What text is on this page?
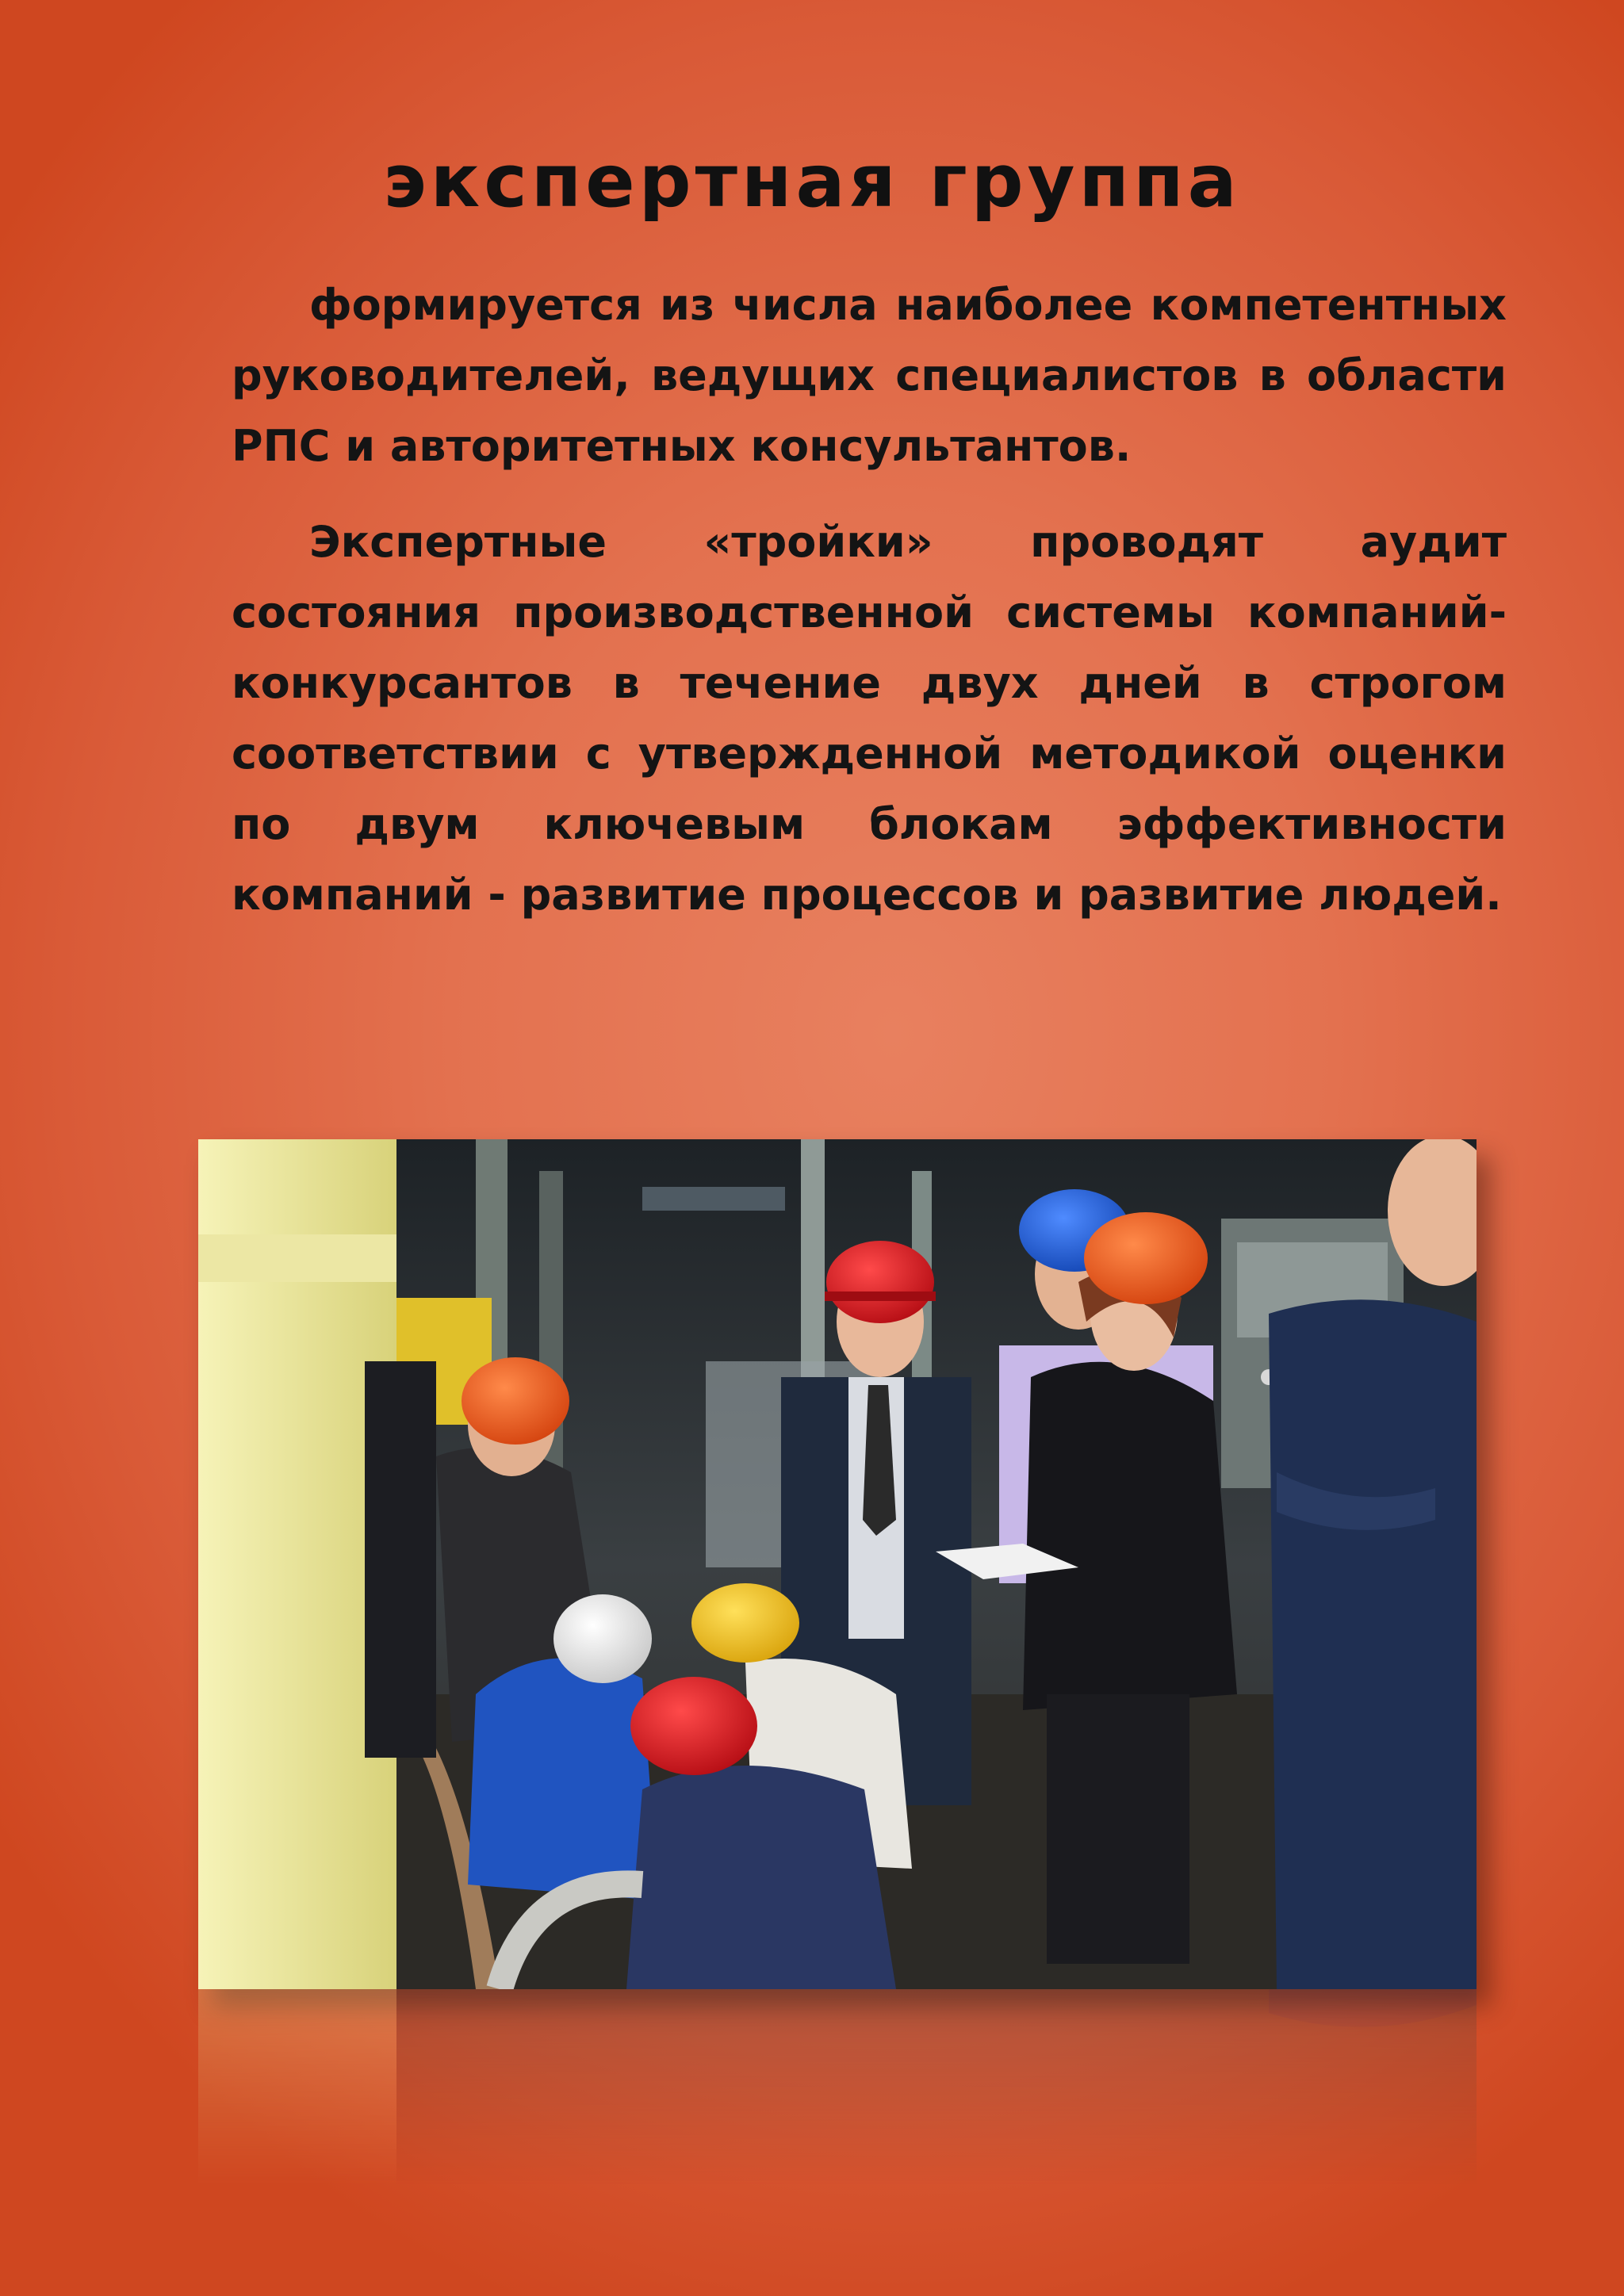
экспертная группа

формируется из числа наиболее компетентных руководителей, ведущих специалистов в области РПС и авторитетных консультантов.

Экспертные «тройки» проводят аудит состояния производственной системы компаний-конкурсантов в течение двух дней в строгом соответствии с утвержденной методикой оценки по двум ключевым блокам эффективности компаний - развитие процессов и развитие людей.
